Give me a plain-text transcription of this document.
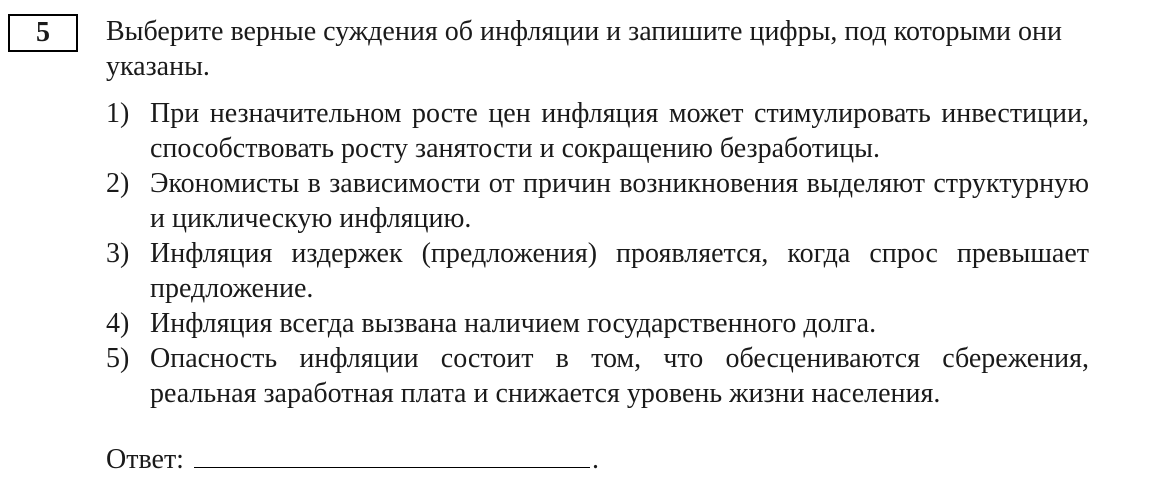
5 Выберите верные суждения об инфляции и запишите цифры, под которыми они указаны.

1) При незначительном росте цен инфляция может стимулировать инвестиции, способствовать росту занятости и сокращению безработицы.
2) Экономисты в зависимости от причин возникновения выделяют структурную и циклическую инфляцию.
3) Инфляция издержек (предложения) проявляется, когда спрос превышает предложение.
4) Инфляция всегда вызвана наличием государственного долга.
5) Опасность инфляции состоит в том, что обесцениваются сбережения, реальная заработная плата и снижается уровень жизни населения.
Ответ:	.
